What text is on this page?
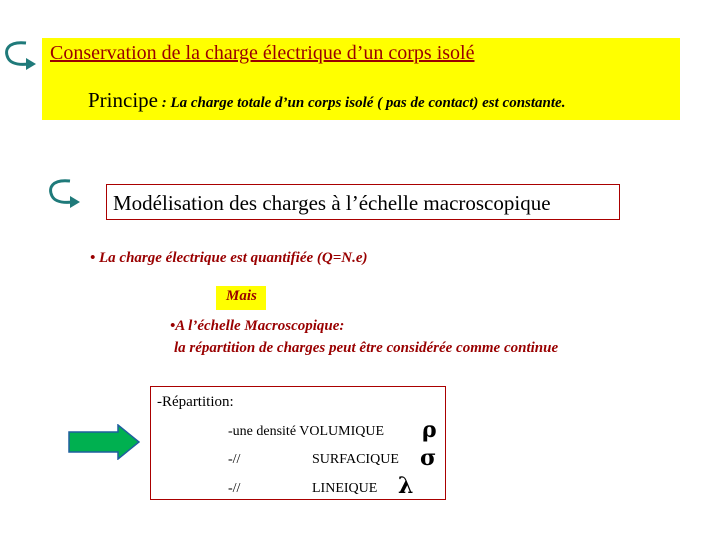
Conservation de la charge électrique d’un corps isolé
Principe : La charge totale d’un corps isolé ( pas de contact) est constante.
Modélisation des charges à l’échelle macroscopique
• La charge électrique est quantifiée (Q=N.e)
Mais
•A l’échelle Macroscopique:
la répartition de charges peut être considérée comme continue
-Répartition:
-une densité VOLUMIQUE ρ
-//	SURFACIQUE σ
-//	LINEIQUE λ
